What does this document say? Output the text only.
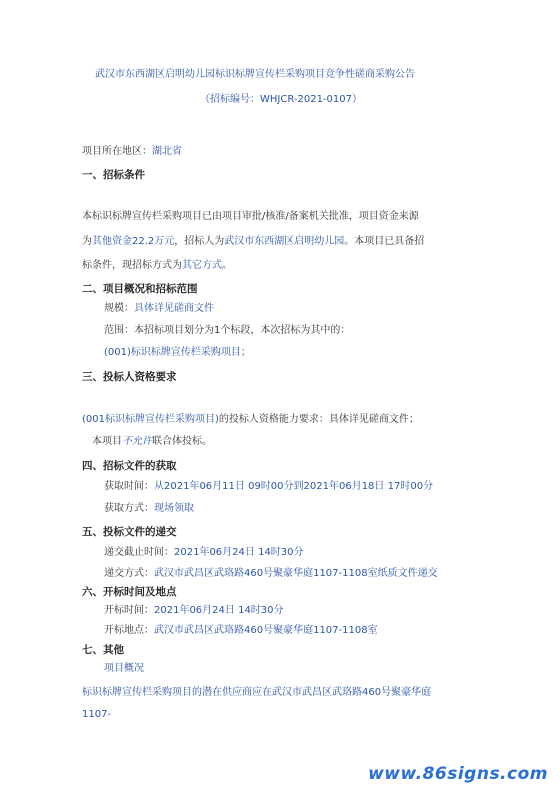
武汉市东西湖区启明幼儿园标识标牌宣传栏采购项目竞争性磋商采购公告
（招标编号：WHJCR-2021-0107）
项目所在地区：湖北省
一、招标条件
本标识标牌宣传栏采购项目已由项目审批/核准/备案机关批准，项目资金来源
为其他资金22.2万元，招标人为武汉市东西湖区启明幼儿园。本项目已具备招
标条件，现招标方式为其它方式。
二、项目概况和招标范围
规模：具体详见磋商文件
范围：本招标项目划分为1个标段，本次招标为其中的：
(001)标识标牌宣传栏采购项目；
三、投标人资格要求
(001标识标牌宣传栏采购项目)的投标人资格能力要求：具体详见磋商文件；
本项目不允许联合体投标。
四、招标文件的获取
获取时间：从2021年06月11日 09时00分到2021年06月18日 17时00分
获取方式：现场领取
五、投标文件的递交
递交截止时间：2021年06月24日 14时30分
递交方式：武汉市武昌区武珞路460号聚豪华庭1107-1108室纸质文件递交
六、开标时间及地点
开标时间：2021年06月24日 14时30分
开标地点：武汉市武昌区武珞路460号聚豪华庭1107-1108室
七、其他
项目概况
标识标牌宣传栏采购项目的潜在供应商应在武汉市武昌区武珞路460号聚豪华庭
1107-
www.86signs.com
